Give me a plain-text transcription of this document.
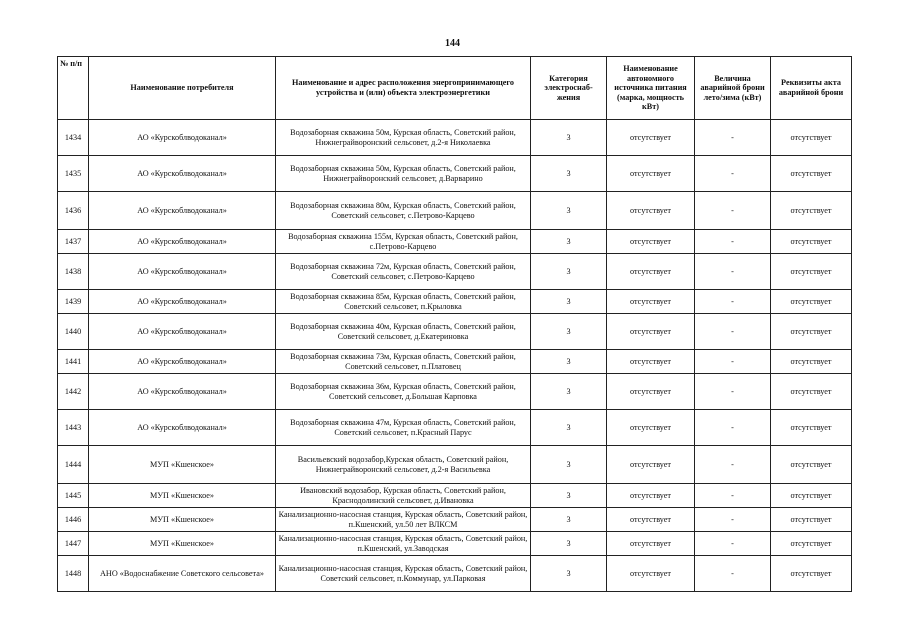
144
№ п/п	Наименование потребителя	Наименование и адрес расположения энергопринимающего устройства и (или) объекта электроэнергетики	Категория электроснаб-жения	Наименование автономного источника питания (марка, мощность кВт)	Величина аварийной брони лето/зима (кВт)	Реквизиты акта аварийной брони
1434	АО «Курскоблводоканал»	Водозаборная скважина 50м, Курская область, Советский район, Нижнеграйворонский сельсовет, д.2-я Николаевка	3	отсутствует	-	отсутствует
1435	АО «Курскоблводоканал»	Водозаборная скважина 50м, Курская область, Советский район, Нижнеграйворонский сельсовет, д.Варварино	3	отсутствует	-	отсутствует
1436	АО «Курскоблводоканал»	Водозаборная скважина 80м, Курская область, Советский район, Советский сельсовет, с.Петрово-Карцево	3	отсутствует	-	отсутствует
1437	АО «Курскоблводоканал»	Водозаборная скважина 155м, Курская область, Советский район, с.Петрово-Карцево	3	отсутствует	-	отсутствует
1438	АО «Курскоблводоканал»	Водозаборная скважина 72м, Курская область, Советский район, Советский сельсовет, с.Петрово-Карцево	3	отсутствует	-	отсутствует
1439	АО «Курскоблводоканал»	Водозаборная скважина 85м, Курская область, Советский район, Советский сельсовет, п.Крыловка	3	отсутствует	-	отсутствует
1440	АО «Курскоблводоканал»	Водозаборная скважина 40м, Курская область, Советский район, Советский сельсовет, д.Екатериновка	3	отсутствует	-	отсутствует
1441	АО «Курскоблводоканал»	Водозаборная скважина 73м, Курская область, Советский район, Советский сельсовет, п.Платовец	3	отсутствует	-	отсутствует
1442	АО «Курскоблводоканал»	Водозаборная скважина 36м, Курская область, Советский район, Советский сельсовет, д.Большая Карповка	3	отсутствует	-	отсутствует
1443	АО «Курскоблводоканал»	Водозаборная скважина 47м, Курская область, Советский район, Советский сельсовет, п.Красный Парус	3	отсутствует	-	отсутствует
1444	МУП «Кшенское»	Васильевский водозабор,Курская область, Советский район, Нижнеграйворонский сельсовет, д.2-я Васильевка	3	отсутствует	-	отсутствует
1445	МУП «Кшенское»	Ивановский водозабор, Курская область, Советский район, Краснодолинский сельсовет, д.Ивановка	3	отсутствует	-	отсутствует
1446	МУП «Кшенское»	Канализационно-насосная станция, Курская область, Советский район, п.Кшенский, ул.50 лет ВЛКСМ	3	отсутствует	-	отсутствует
1447	МУП «Кшенское»	Канализационно-насосная станция, Курская область, Советский район, п.Кшенский, ул.Заводская	3	отсутствует	-	отсутствует
1448	АНО «Водоснабжение Советского сельсовета»	Канализационно-насосная станция, Курская область, Советский район, Советский сельсовет, п.Коммунар, ул.Парковая	3	отсутствует	-	отсутствует
